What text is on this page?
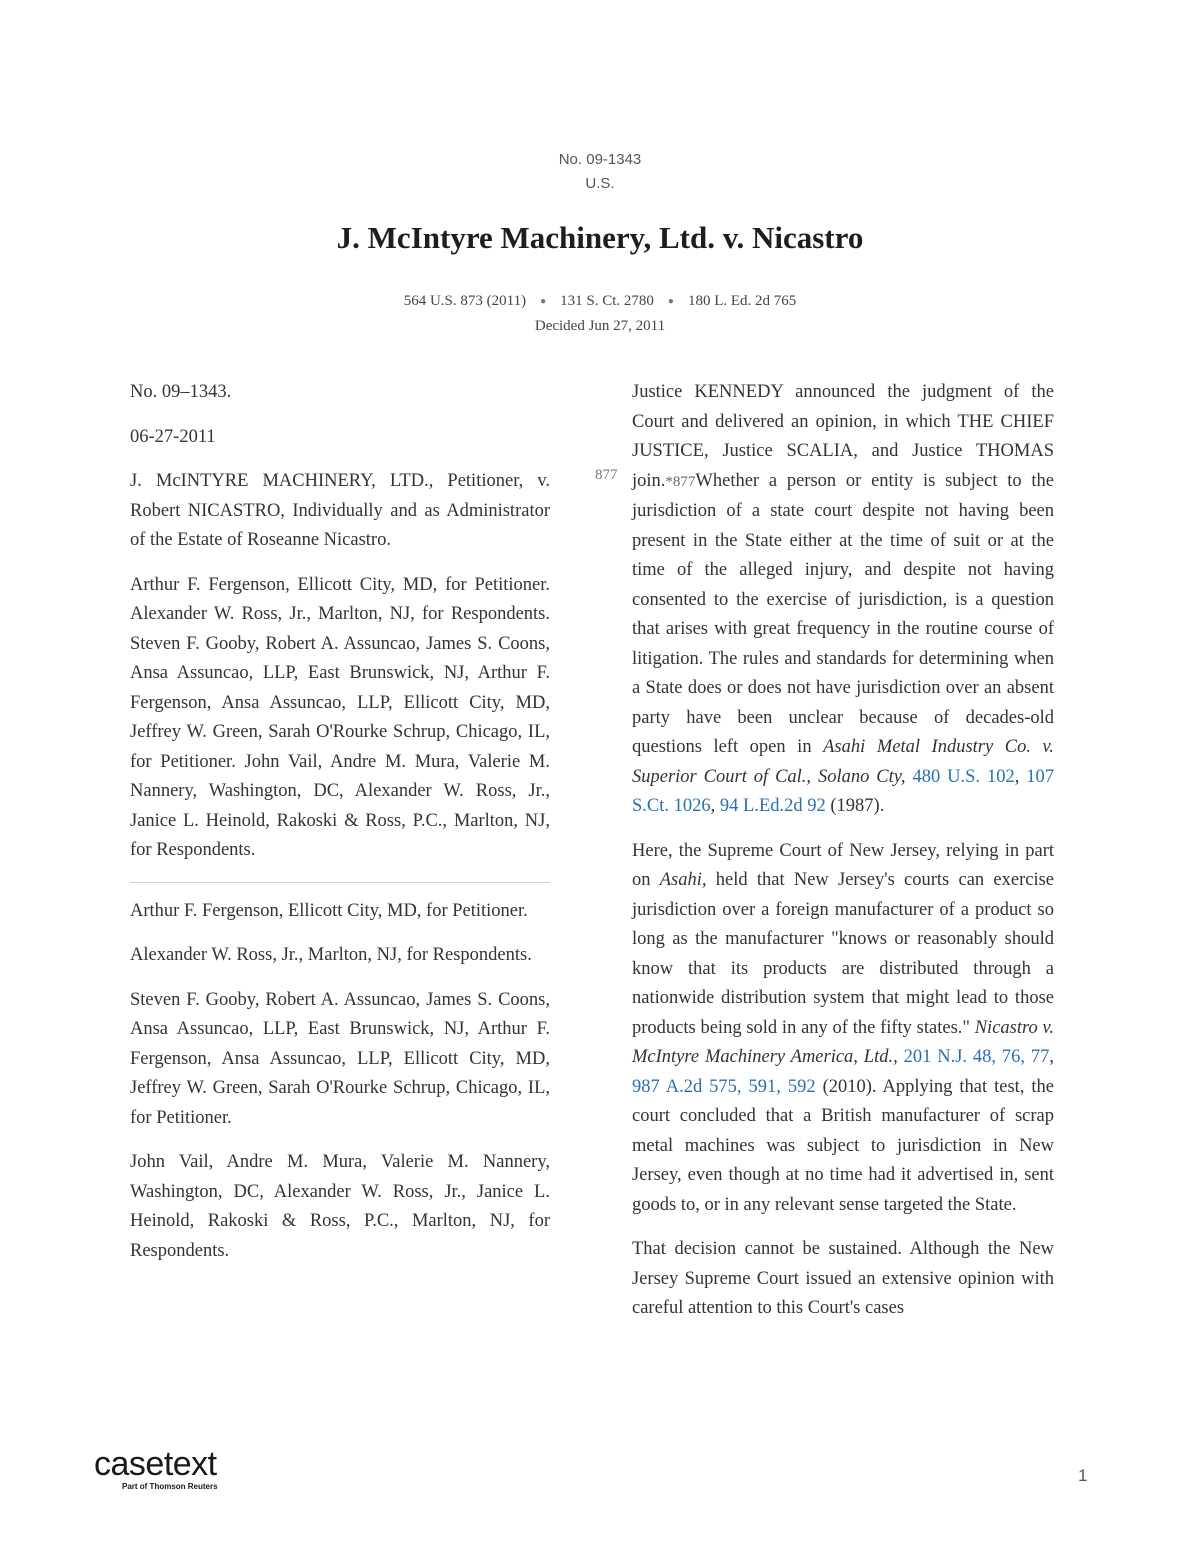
No. 09-1343
U.S.
J. McIntyre Machinery, Ltd. v. Nicastro
564 U.S. 873 (2011) ● 131 S. Ct. 2780 ● 180 L. Ed. 2d 765
Decided Jun 27, 2011

No. 09–1343.

06-27-2011

J. McINTYRE MACHINERY, LTD., Petitioner, v. Robert NICASTRO, Individually and as Administrator of the Estate of Roseanne Nicastro.

Arthur F. Fergenson, Ellicott City, MD, for Petitioner. Alexander W. Ross, Jr., Marlton, NJ, for Respondents. Steven F. Gooby, Robert A. Assuncao, James S. Coons, Ansa Assuncao, LLP, East Brunswick, NJ, Arthur F. Fergenson, Ansa Assuncao, LLP, Ellicott City, MD, Jeffrey W. Green, Sarah O'Rourke Schrup, Chicago, IL, for Petitioner. John Vail, Andre M. Mura, Valerie M. Nannery, Washington, DC, Alexander W. Ross, Jr., Janice L. Heinold, Rakoski & Ross, P.C., Marlton, NJ, for Respondents.

Arthur F. Fergenson, Ellicott City, MD, for Petitioner.

Alexander W. Ross, Jr., Marlton, NJ, for Respondents.

Steven F. Gooby, Robert A. Assuncao, James S. Coons, Ansa Assuncao, LLP, East Brunswick, NJ, Arthur F. Fergenson, Ansa Assuncao, LLP, Ellicott City, MD, Jeffrey W. Green, Sarah O'Rourke Schrup, Chicago, IL, for Petitioner.

John Vail, Andre M. Mura, Valerie M. Nannery, Washington, DC, Alexander W. Ross, Jr., Janice L. Heinold, Rakoski & Ross, P.C., Marlton, NJ, for Respondents.

877

Justice KENNEDY announced the judgment of the Court and delivered an opinion, in which THE CHIEF JUSTICE, Justice SCALIA, and Justice THOMAS join.*877Whether a person or entity is subject to the jurisdiction of a state court despite not having been present in the State either at the time of suit or at the time of the alleged injury, and despite not having consented to the exercise of jurisdiction, is a question that arises with great frequency in the routine course of litigation. The rules and standards for determining when a State does or does not have jurisdiction over an absent party have been unclear because of decades-old questions left open in Asahi Metal Industry Co. v. Superior Court of Cal., Solano Cty, 480 U.S. 102, 107 S.Ct. 1026, 94 L.Ed.2d 92 (1987).

Here, the Supreme Court of New Jersey, relying in part on Asahi, held that New Jersey's courts can exercise jurisdiction over a foreign manufacturer of a product so long as the manufacturer "knows or reasonably should know that its products are distributed through a nationwide distribution system that might lead to those products being sold in any of the fifty states." Nicastro v. McIntyre Machinery America, Ltd., 201 N.J. 48, 76, 77, 987 A.2d 575, 591, 592 (2010). Applying that test, the court concluded that a British manufacturer of scrap metal machines was subject to jurisdiction in New Jersey, even though at no time had it advertised in, sent goods to, or in any relevant sense targeted the State.

That decision cannot be sustained. Although the New Jersey Supreme Court issued an extensive opinion with careful attention to this Court's cases

casetext
Part of Thomson Reuters
1
